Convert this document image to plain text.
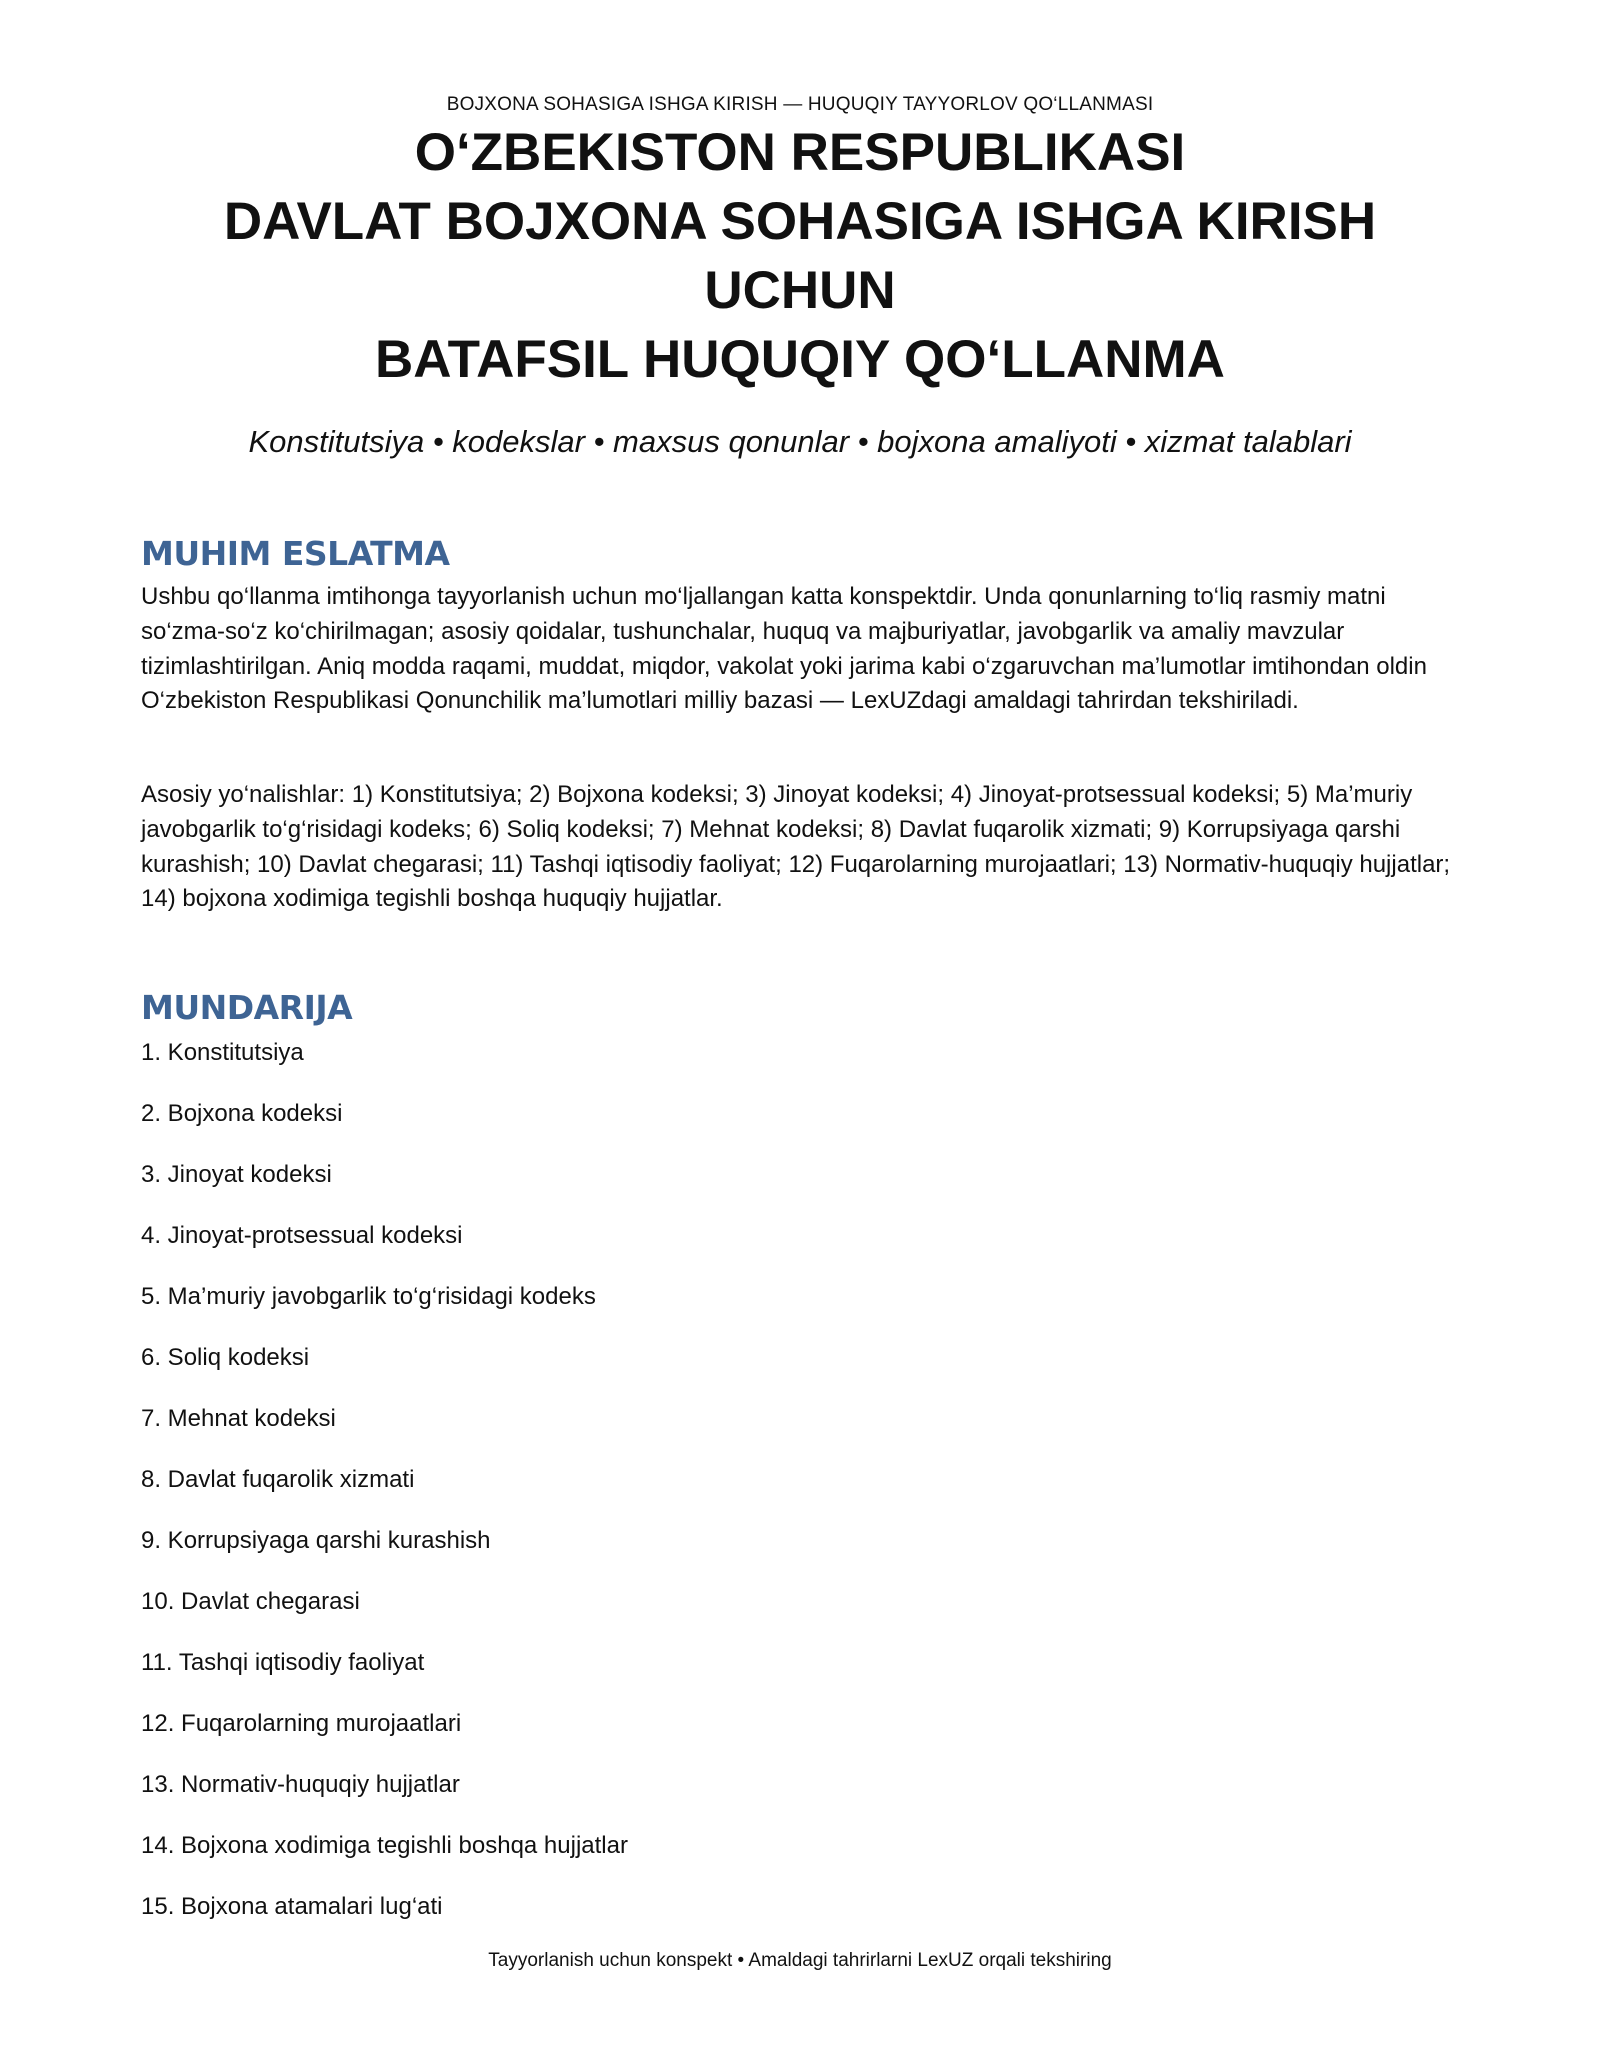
BOJXONA SOHASIGA ISHGA KIRISH — HUQUQIY TAYYORLOV QO‘LLANMASI
O‘ZBEKISTON RESPUBLIKASI
DAVLAT BOJXONA SOHASIGA ISHGA KIRISH
UCHUN
BATAFSIL HUQUQIY QO‘LLANMA
Konstitutsiya • kodekslar • maxsus qonunlar • bojxona amaliyoti • xizmat talablari
MUHIM ESLATMA
Ushbu qo‘llanma imtihonga tayyorlanish uchun mo‘ljallangan katta konspektdir. Unda qonunlarning to‘liq rasmiy matni so‘zma-so‘z ko‘chirilmagan; asosiy qoidalar, tushunchalar, huquq va majburiyatlar, javobgarlik va amaliy mavzular tizimlashtirilgan. Aniq modda raqami, muddat, miqdor, vakolat yoki jarima kabi o‘zgaruvchan ma’lumotlar imtihondan oldin O‘zbekiston Respublikasi Qonunchilik ma’lumotlari milliy bazasi — LexUZdagi amaldagi tahrirdan tekshiriladi.
Asosiy yo‘nalishlar: 1) Konstitutsiya; 2) Bojxona kodeksi; 3) Jinoyat kodeksi; 4) Jinoyat-protsessual kodeksi; 5) Ma’muriy javobgarlik to‘g‘risidagi kodeks; 6) Soliq kodeksi; 7) Mehnat kodeksi; 8) Davlat fuqarolik xizmati; 9) Korrupsiyaga qarshi kurashish; 10) Davlat chegarasi; 11) Tashqi iqtisodiy faoliyat; 12) Fuqarolarning murojaatlari; 13) Normativ-huquqiy hujjatlar; 14) bojxona xodimiga tegishli boshqa huquqiy hujjatlar.
MUNDARIJA
1. Konstitutsiya
2. Bojxona kodeksi
3. Jinoyat kodeksi
4. Jinoyat-protsessual kodeksi
5. Ma’muriy javobgarlik to‘g‘risidagi kodeks
6. Soliq kodeksi
7. Mehnat kodeksi
8. Davlat fuqarolik xizmati
9. Korrupsiyaga qarshi kurashish
10. Davlat chegarasi
11. Tashqi iqtisodiy faoliyat
12. Fuqarolarning murojaatlari
13. Normativ-huquqiy hujjatlar
14. Bojxona xodimiga tegishli boshqa hujjatlar
15. Bojxona atamalari lug‘ati
Tayyorlanish uchun konspekt • Amaldagi tahrirlarni LexUZ orqali tekshiring
